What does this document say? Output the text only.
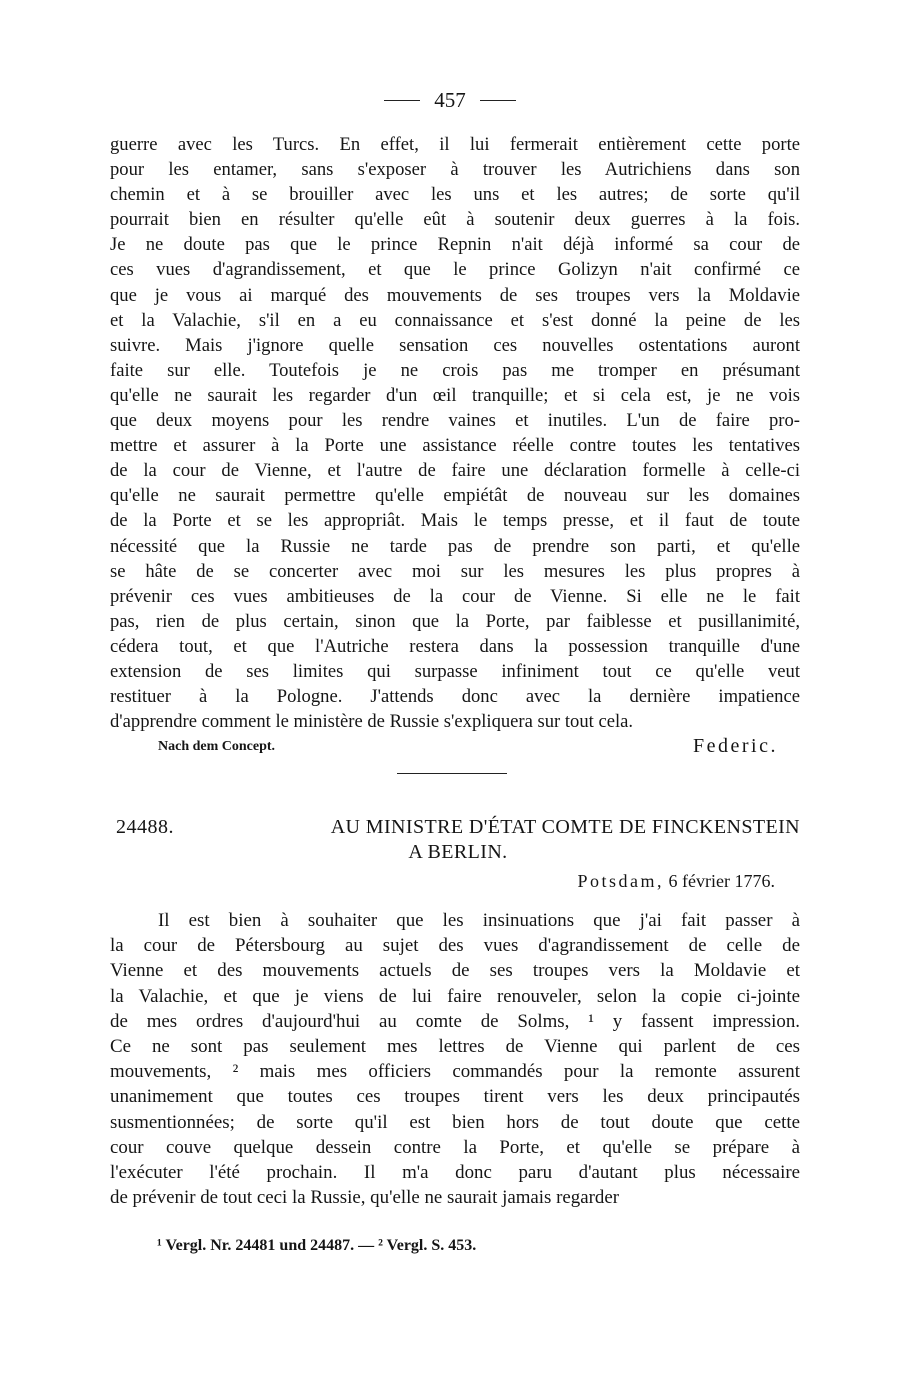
457
guerre avec les Turcs. En effet, il lui fermerait entièrement cette porte
pour les entamer, sans s'exposer à trouver les Autrichiens dans son
chemin et à se brouiller avec les uns et les autres; de sorte qu'il
pourrait bien en résulter qu'elle eût à soutenir deux guerres à la fois.
Je ne doute pas que le prince Repnin n'ait déjà informé sa cour de
ces vues d'agrandissement, et que le prince Golizyn n'ait confirmé ce
que je vous ai marqué des mouvements de ses troupes vers la Moldavie
et la Valachie, s'il en a eu connaissance et s'est donné la peine de les
suivre. Mais j'ignore quelle sensation ces nouvelles ostentations auront
faite sur elle. Toutefois je ne crois pas me tromper en présumant
qu'elle ne saurait les regarder d'un œil tranquille; et si cela est, je ne vois
que deux moyens pour les rendre vaines et inutiles. L'un de faire pro-
mettre et assurer à la Porte une assistance réelle contre toutes les tentatives
de la cour de Vienne, et l'autre de faire une déclaration formelle à celle-ci
qu'elle ne saurait permettre qu'elle empiétât de nouveau sur les domaines
de la Porte et se les appropriât. Mais le temps presse, et il faut de toute
nécessité que la Russie ne tarde pas de prendre son parti, et qu'elle
se hâte de se concerter avec moi sur les mesures les plus propres à
prévenir ces vues ambitieuses de la cour de Vienne. Si elle ne le fait
pas, rien de plus certain, sinon que la Porte, par faiblesse et pusillanimité,
cédera tout, et que l'Autriche restera dans la possession tranquille d'une
extension de ses limites qui surpasse infiniment tout ce qu'elle veut
restituer à la Pologne. J'attends donc avec la dernière impatience
d'apprendre comment le ministère de Russie s'expliquera sur tout cela.
Nach dem Concept.	Federic.
24488.	AU MINISTRE D'ÉTAT COMTE DE FINCKENSTEIN
A BERLIN.
Potsdam, 6 février 1776.
Il est bien à souhaiter que les insinuations que j'ai fait passer à
la cour de Pétersbourg au sujet des vues d'agrandissement de celle de
Vienne et des mouvements actuels de ses troupes vers la Moldavie et
la Valachie, et que je viens de lui faire renouveler, selon la copie ci-jointe
de mes ordres d'aujourd'hui au comte de Solms, ¹ y fassent impression.
Ce ne sont pas seulement mes lettres de Vienne qui parlent de ces
mouvements, ² mais mes officiers commandés pour la remonte assurent
unanimement que toutes ces troupes tirent vers les deux principautés
susmentionnées; de sorte qu'il est bien hors de tout doute que cette
cour couve quelque dessein contre la Porte, et qu'elle se prépare à
l'exécuter l'été prochain. Il m'a donc paru d'autant plus nécessaire
de prévenir de tout ceci la Russie, qu'elle ne saurait jamais regarder
¹ Vergl. Nr. 24481 und 24487. — ² Vergl. S. 453.
